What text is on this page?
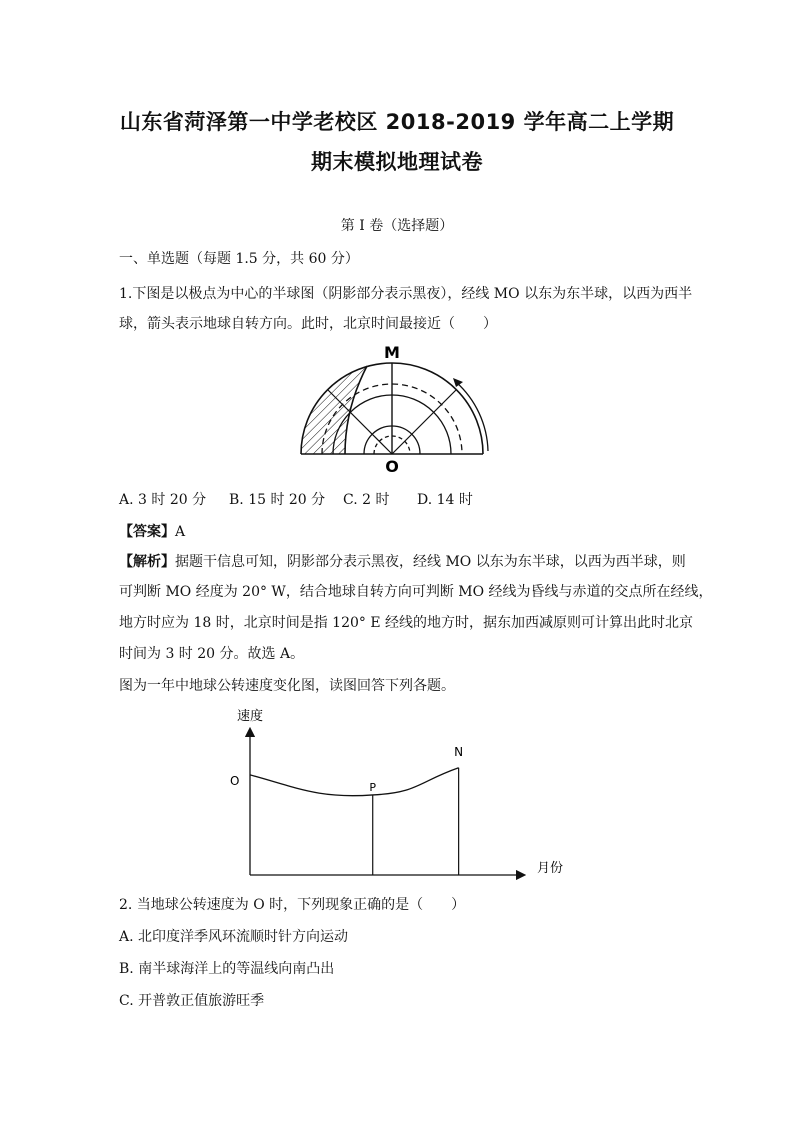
山东省菏泽第一中学老校区 2018-2019 学年高二上学期
期末模拟地理试卷
第 I 卷（选择题）
一、单选题（每题 1.5 分，共 60 分）
1.下图是以极点为中心的半球图（阴影部分表示黑夜），经线 MO 以东为东半球，以西为西半
球，箭头表示地球自转方向。此时，北京时间最接近（　　）
M
O
A. 3 时 20 分 B. 15 时 20 分 C. 2 时 D. 14 时
【答案】A
【解析】据题干信息可知，阴影部分表示黑夜，经线 MO 以东为东半球，以西为西半球，则
可判断 MO 经度为 20° W，结合地球自转方向可判断 MO 经线为昏线与赤道的交点所在经线，
地方时应为 18 时，北京时间是指 120° E 经线的地方时，据东加西减原则可计算出此时北京
时间为 3 时 20 分。故选 A。
图为一年中地球公转速度变化图，读图回答下列各题。
速度
月份
O	P
N
2. 当地球公转速度为 O 时，下列现象正确的是（　　）
A. 北印度洋季风环流顺时针方向运动
B. 南半球海洋上的等温线向南凸出
C. 开普敦正值旅游旺季
